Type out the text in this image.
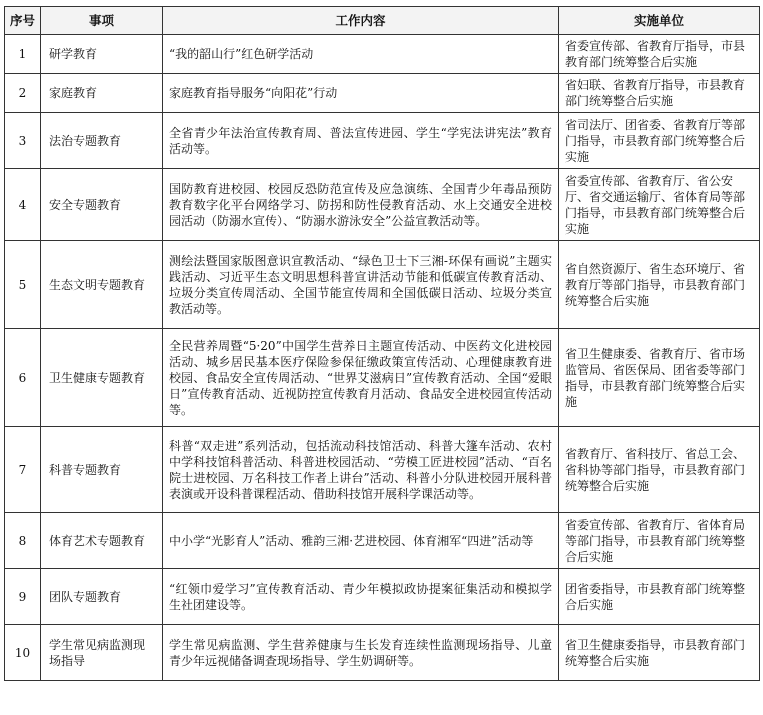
序号	事项	工作内容	实施单位
1	研学教育	“我的韶山行”红色研学活动	省委宣传部、省教育厅指导，市县教育部门统筹整合后实施
2	家庭教育	家庭教育指导服务“向阳花”行动	省妇联、省教育厅指导，市县教育部门统筹整合后实施
3	法治专题教育	全省青少年法治宣传教育周、普法宣传进园、学生“学宪法讲宪法”教育活动等。	省司法厅、团省委、省教育厅等部门指导，市县教育部门统筹整合后实施
4	安全专题教育	国防教育进校园、校园反恐防范宣传及应急演练、全国青少年毒品预防教育数字化平台网络学习、防拐和防性侵教育活动、水上交通安全进校园活动（防溺水宣传）、“防溺水游泳安全”公益宣教活动等。	省委宣传部、省教育厅、省公安厅、省交通运输厅、省体育局等部门指导，市县教育部门统筹整合后实施
5	生态文明专题教育	测绘法暨国家版图意识宣教活动、“绿色卫士下三湘-环保有画说”主题实践活动、习近平生态文明思想科普宣讲活动节能和低碳宣传教育活动、垃圾分类宣传周活动、全国节能宣传周和全国低碳日活动、垃圾分类宣教活动等。	省自然资源厅、省生态环境厅、省教育厅等部门指导，市县教育部门统筹整合后实施
6	卫生健康专题教育	全民营养周暨“5·20”中国学生营养日主题宣传活动、中医药文化进校园活动、城乡居民基本医疗保险参保征缴政策宣传活动、心理健康教育进校园、食品安全宣传周活动、“世界艾滋病日”宣传教育活动、全国“爱眼日”宣传教育活动、近视防控宣传教育月活动、食品安全进校园宣传活动等。	省卫生健康委、省教育厅、省市场监管局、省医保局、团省委等部门指导，市县教育部门统筹整合后实施
7	科普专题教育	科普“双走进”系列活动，包括流动科技馆活动、科普大篷车活动、农村中学科技馆科普活动、科普进校园活动、“劳模工匠进校园”活动、“百名院士进校园、万名科技工作者上讲台”活动、科普小分队进校园开展科普表演或开设科普课程活动、借助科技馆开展科学课活动等。	省教育厅、省科技厅、省总工会、省科协等部门指导，市县教育部门统筹整合后实施
8	体育艺术专题教育	中小学“光影育人”活动、雅韵三湘·艺进校园、体育湘军“四进”活动等	省委宣传部、省教育厅、省体育局等部门指导，市县教育部门统筹整合后实施
9	团队专题教育	“红领巾爱学习”宣传教育活动、青少年模拟政协提案征集活动和模拟学生社团建设等。	团省委指导，市县教育部门统筹整合后实施
10	学生常见病监测现场指导	学生常见病监测、学生营养健康与生长发育连续性监测现场指导、儿童青少年远视储备调查现场指导、学生奶调研等。	省卫生健康委指导，市县教育部门统筹整合后实施
